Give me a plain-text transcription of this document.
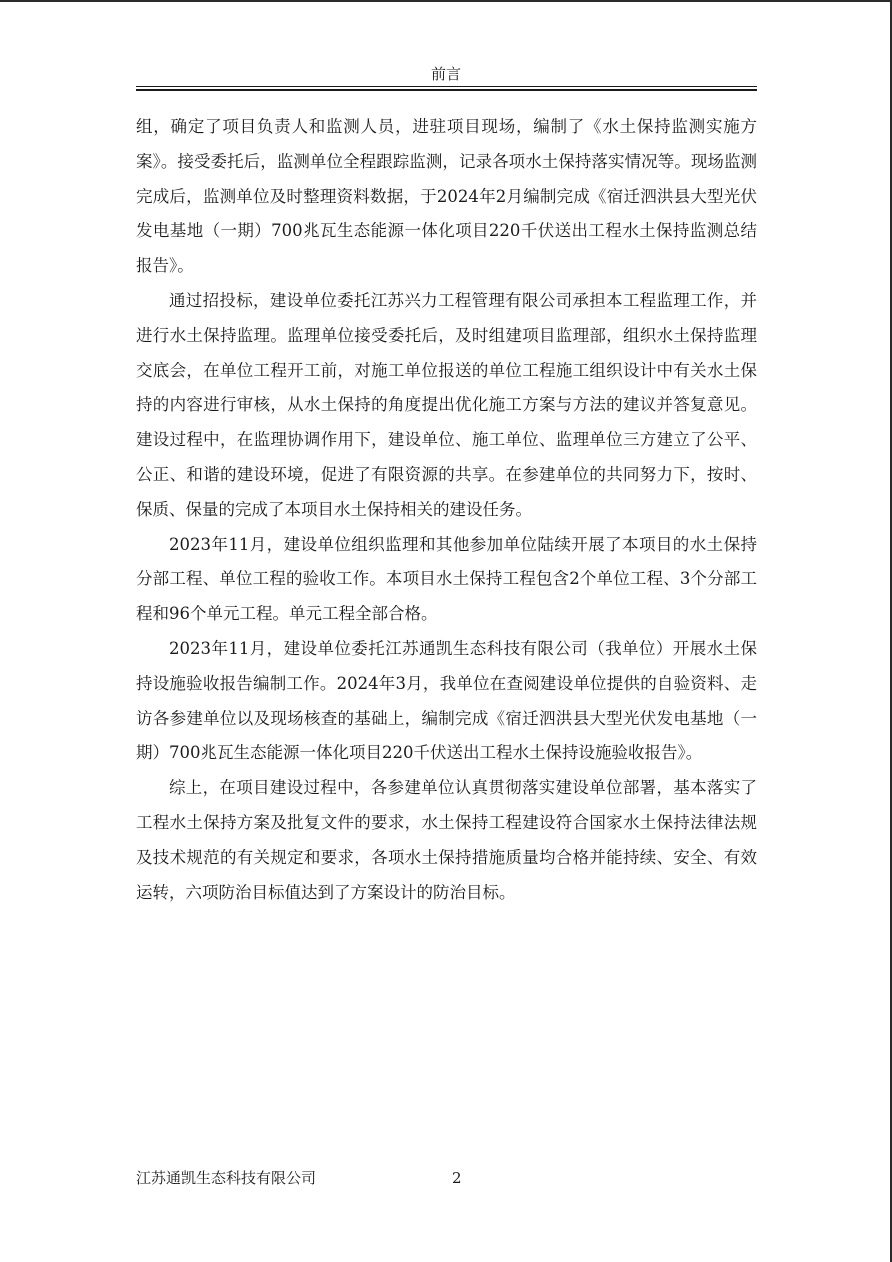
前言

组，确定了项目负责人和监测人员，进驻项目现场，编制了《水土保持监测实施方案》。接受委托后，监测单位全程跟踪监测，记录各项水土保持落实情况等。现场监测完成后，监测单位及时整理资料数据，于2024年2月编制完成《宿迁泗洪县大型光伏发电基地（一期）700兆瓦生态能源一体化项目220千伏送出工程水土保持监测总结报告》。

通过招投标，建设单位委托江苏兴力工程管理有限公司承担本工程监理工作，并进行水土保持监理。监理单位接受委托后，及时组建项目监理部，组织水土保持监理交底会，在单位工程开工前，对施工单位报送的单位工程施工组织设计中有关水土保持的内容进行审核，从水土保持的角度提出优化施工方案与方法的建议并答复意见。建设过程中，在监理协调作用下，建设单位、施工单位、监理单位三方建立了公平、公正、和谐的建设环境，促进了有限资源的共享。在参建单位的共同努力下，按时、保质、保量的完成了本项目水土保持相关的建设任务。

2023年11月，建设单位组织监理和其他参加单位陆续开展了本项目的水土保持分部工程、单位工程的验收工作。本项目水土保持工程包含2个单位工程、3个分部工程和96个单元工程。单元工程全部合格。

2023年11月，建设单位委托江苏通凯生态科技有限公司（我单位）开展水土保持设施验收报告编制工作。2024年3月，我单位在查阅建设单位提供的自验资料、走访各参建单位以及现场核查的基础上，编制完成《宿迁泗洪县大型光伏发电基地（一期）700兆瓦生态能源一体化项目220千伏送出工程水土保持设施验收报告》。

综上，在项目建设过程中，各参建单位认真贯彻落实建设单位部署，基本落实了工程水土保持方案及批复文件的要求，水土保持工程建设符合国家水土保持法律法规及技术规范的有关规定和要求，各项水土保持措施质量均合格并能持续、安全、有效运转，六项防治目标值达到了方案设计的防治目标。

江苏通凯生态科技有限公司	2
